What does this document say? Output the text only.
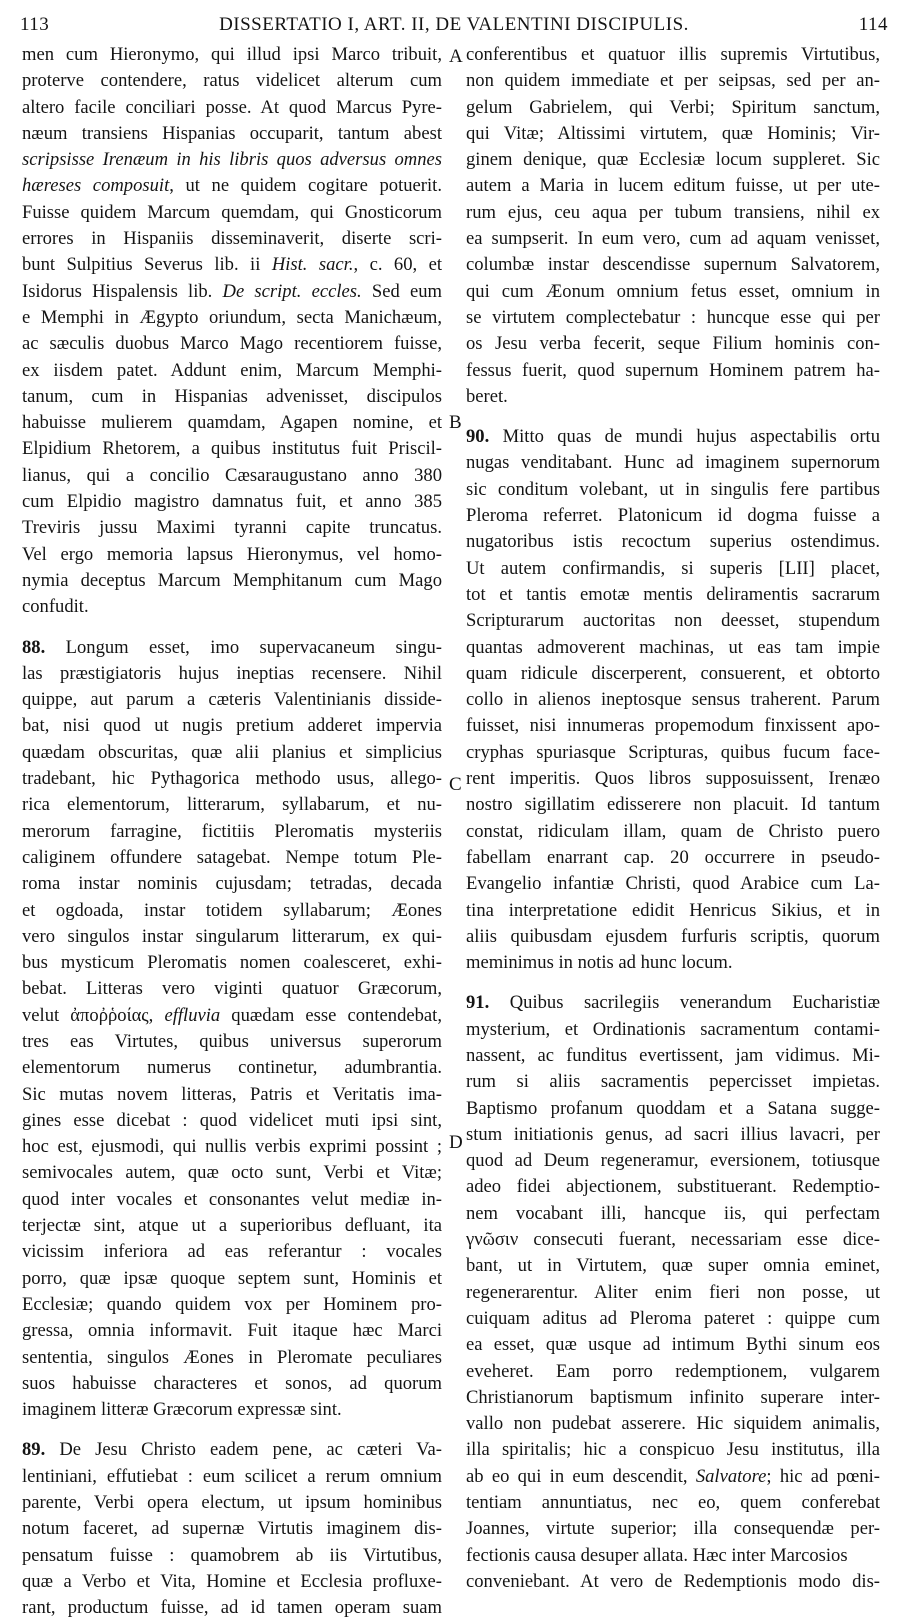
113	DISSERTATIO I, ART. II, DE VALENTINI DISCIPULIS.	114
men cum Hieronymo, qui illud ipsi Marco tribuit,
proterve contendere, ratus videlicet alterum cum
altero facile conciliari posse. At quod Marcus Pyre-
næum transiens Hispanias occuparit, tantum abest
scripsisse Irenæum in his libris quos adversus omnes
hæreses composuit, ut ne quidem cogitare potuerit.
Fuisse quidem Marcum quemdam, qui Gnosticorum
errores in Hispaniis disseminaverit, diserte scri-
bunt Sulpitius Severus lib. ii Hist. sacr., c. 60, et
Isidorus Hispalensis lib. De script. eccles. Sed eum
e Memphi in Ægypto oriundum, secta Manichæum,
ac sæculis duobus Marco Mago recentiorem fuisse,
ex iisdem patet. Addunt enim, Marcum Memphi-
tanum, cum in Hispanias advenisset, discipulos
habuisse mulierem quamdam, Agapen nomine, et
Elpidium Rhetorem, a quibus institutus fuit Priscil-
lianus, qui a concilio Cæsaraugustano anno 380
cum Elpidio magistro damnatus fuit, et anno 385
Treviris jussu Maximi tyranni capite truncatus.
Vel ergo memoria lapsus Hieronymus, vel homo-
nymia deceptus Marcum Memphitanum cum Mago
confudit.
88. Longum esset, imo supervacaneum singu-
las præstigiatoris hujus ineptias recensere. Nihil
quippe, aut parum a cæteris Valentinianis disside-
bat, nisi quod ut nugis pretium adderet impervia
quædam obscuritas, quæ alii planius et simplicius
tradebant, hic Pythagorica methodo usus, allego-
rica elementorum, litterarum, syllabarum, et nu-
merorum farragine, fictitiis Pleromatis mysteriis
caliginem offundere satagebat. Nempe totum Ple-
roma instar nominis cujusdam; tetradas, decada
et ogdoada, instar totidem syllabarum; Æones
vero singulos instar singularum litterarum, ex qui-
bus mysticum Pleromatis nomen coalesceret, exhi-
bebat. Litteras vero viginti quatuor Græcorum,
velut ἀποῤῥοίας, effluvia quædam esse contendebat,
tres eas Virtutes, quibus universus superorum
elementorum numerus continetur, adumbrantia.
Sic mutas novem litteras, Patris et Veritatis ima-
gines esse dicebat : quod videlicet muti ipsi sint,
hoc est, ejusmodi, qui nullis verbis exprimi possint ;
semivocales autem, quæ octo sunt, Verbi et Vitæ;
quod inter vocales et consonantes velut mediæ in-
terjectæ sint, atque ut a superioribus defluant, ita
vicissim inferiora ad eas referantur : vocales
porro, quæ ipsæ quoque septem sunt, Hominis et
Ecclesiæ; quando quidem vox per Hominem pro-
gressa, omnia informavit. Fuit itaque hæc Marci
sententia, singulos Æones in Pleromate peculiares
suos habuisse characteres et sonos, ad quorum
imaginem litteræ Græcorum expressæ sint.
89. De Jesu Christo eadem pene, ac cæteri Va-
lentiniani, effutiebat : eum scilicet a rerum omnium
parente, Verbi opera electum, ut ipsum hominibus
notum faceret, ad supernæ Virtutis imaginem dis-
pensatum fuisse : quamobrem ab iis Virtutibus,
quæ a Verbo et Vita, Homine et Ecclesia profluxe-
rant, productum fuisse, ad id tamen operam suam
conferentibus et quatuor illis supremis Virtutibus,
non quidem immediate et per seipsas, sed per an-
gelum Gabrielem, qui Verbi; Spiritum sanctum,
qui Vitæ; Altissimi virtutem, quæ Hominis; Vir-
ginem denique, quæ Ecclesiæ locum suppleret. Sic
autem a Maria in lucem editum fuisse, ut per ute-
rum ejus, ceu aqua per tubum transiens, nihil ex
ea sumpserit. In eum vero, cum ad aquam venisset,
columbæ instar descendisse supernum Salvatorem,
qui cum Æonum omnium fetus esset, omnium in
se virtutem complectebatur : huncque esse qui per
os Jesu verba fecerit, seque Filium hominis con-
fessus fuerit, quod supernum Hominem patrem ha-
beret.
90. Mitto quas de mundi hujus aspectabilis ortu
nugas venditabant. Hunc ad imaginem supernorum
sic conditum volebant, ut in singulis fere partibus
Pleroma referret. Platonicum id dogma fuisse a
nugatoribus istis recoctum superius ostendimus.
Ut autem confirmandis, si superis [LII] placet,
tot et tantis emotæ mentis deliramentis sacrarum
Scripturarum auctoritas non deesset, stupendum
quantas admoverent machinas, ut eas tam impie
quam ridicule discerperent, consuerent, et obtorto
collo in alienos ineptosque sensus traherent. Parum
fuisset, nisi innumeras propemodum finxissent apo-
cryphas spuriasque Scripturas, quibus fucum face-
rent imperitis. Quos libros supposuissent, Irenæo
nostro sigillatim edisserere non placuit. Id tantum
constat, ridiculam illam, quam de Christo puero
fabellam enarrant cap. 20 occurrere in pseudo-
Evangelio infantiæ Christi, quod Arabice cum La-
tina interpretatione edidit Henricus Sikius, et in
aliis quibusdam ejusdem furfuris scriptis, quorum
meminimus in notis ad hunc locum.
91. Quibus sacrilegiis venerandum Eucharistiæ
mysterium, et Ordinationis sacramentum contami-
nassent, ac funditus evertissent, jam vidimus. Mi-
rum si aliis sacramentis pepercisset impietas.
Baptismo profanum quoddam et a Satana sugge-
stum initiationis genus, ad sacri illius lavacri, per
quod ad Deum regeneramur, eversionem, totiusque
adeo fidei abjectionem, substituerant. Redemptio-
nem vocabant illi, hancque iis, qui perfectam
γνῶσιν consecuti fuerant, necessariam esse dice-
bant, ut in Virtutem, quæ super omnia eminet,
regenerarentur. Aliter enim fieri non posse, ut
cuiquam aditus ad Pleroma pateret : quippe cum
ea esset, quæ usque ad intimum Bythi sinum eos
eveheret. Eam porro redemptionem, vulgarem
Christianorum baptismum infinito superare inter-
vallo non pudebat asserere. Hic siquidem animalis,
illa spiritalis; hic a conspicuo Jesu institutus, illa
ab eo qui in eum descendit, Salvatore; hic ad pœni-
tentiam annuntiatus, nec eo, quem conferebat
Joannes, virtute superior; illa consequendæ per-
fectionis causa desuper allata. Hæc inter Marcosios
conveniebant. At vero de Redemptionis modo dis-
A
B
C
D
